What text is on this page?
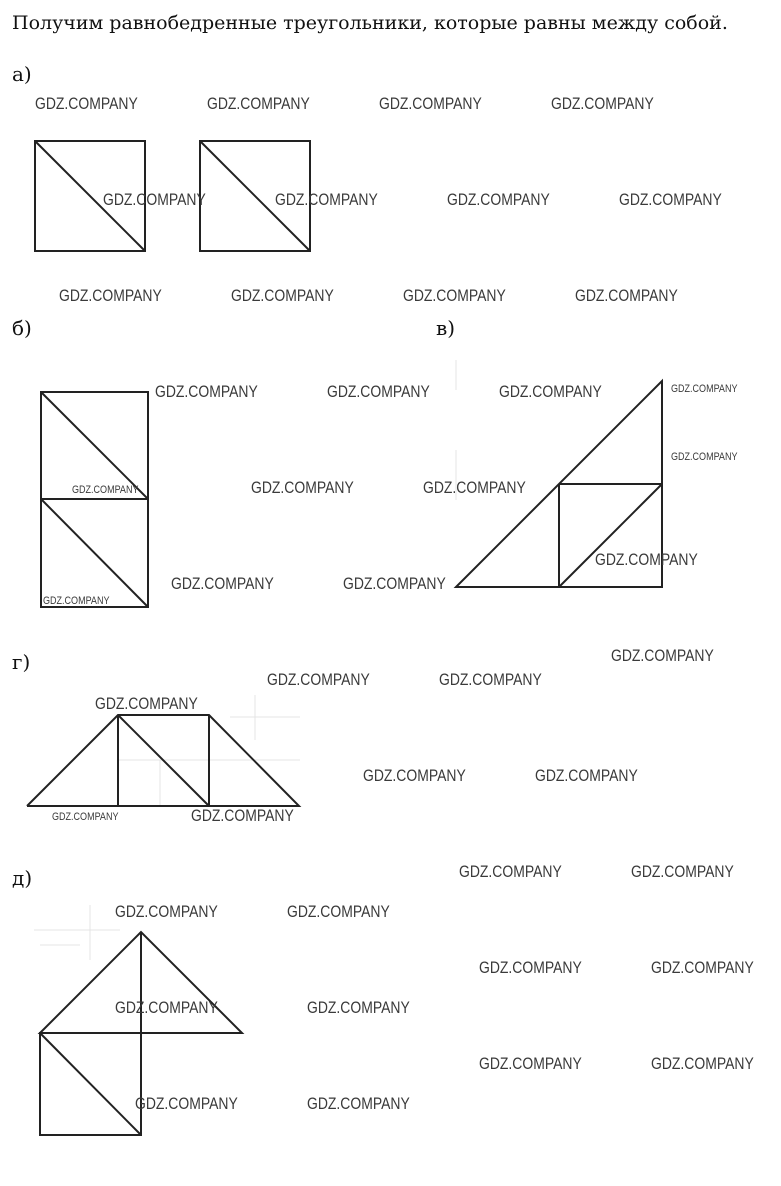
Получим равнобедренные треугольники, которые равны между собой.
а)
б)	в)
г)
д)
GDZ.COMPANY	GDZ.COMPANY	GDZ.COMPANY	GDZ.COMPANY
GDZ.COMPANY	GDZ.COMPANY	GDZ.COMPANY	GDZ.COMPANY
GDZ.COMPANY	GDZ.COMPANY	GDZ.COMPANY	GDZ.COMPANY
GDZ.COMPANY	GDZ.COMPANY	GDZ.COMPANY	GDZ.COMPANY
GDZ.COMPANY	GDZ.COMPANY	GDZ.COMPANY
GDZ.COMPANY
GDZ.COMPANY
GDZ.COMPANY	GDZ.COMPANY
GDZ.COMPANY
GDZ.COMPANY
GDZ.COMPANY	GDZ.COMPANY
GDZ.COMPANY
GDZ.COMPANY	GDZ.COMPANY
GDZ.COMPANY	GDZ.COMPANY
GDZ.COMPANY	GDZ.COMPANY
GDZ.COMPANY	GDZ.COMPANY
GDZ.COMPANY	GDZ.COMPANY
GDZ.COMPANY	GDZ.COMPANY
GDZ.COMPANY	GDZ.COMPANY
GDZ.COMPANY	GDZ.COMPANY
